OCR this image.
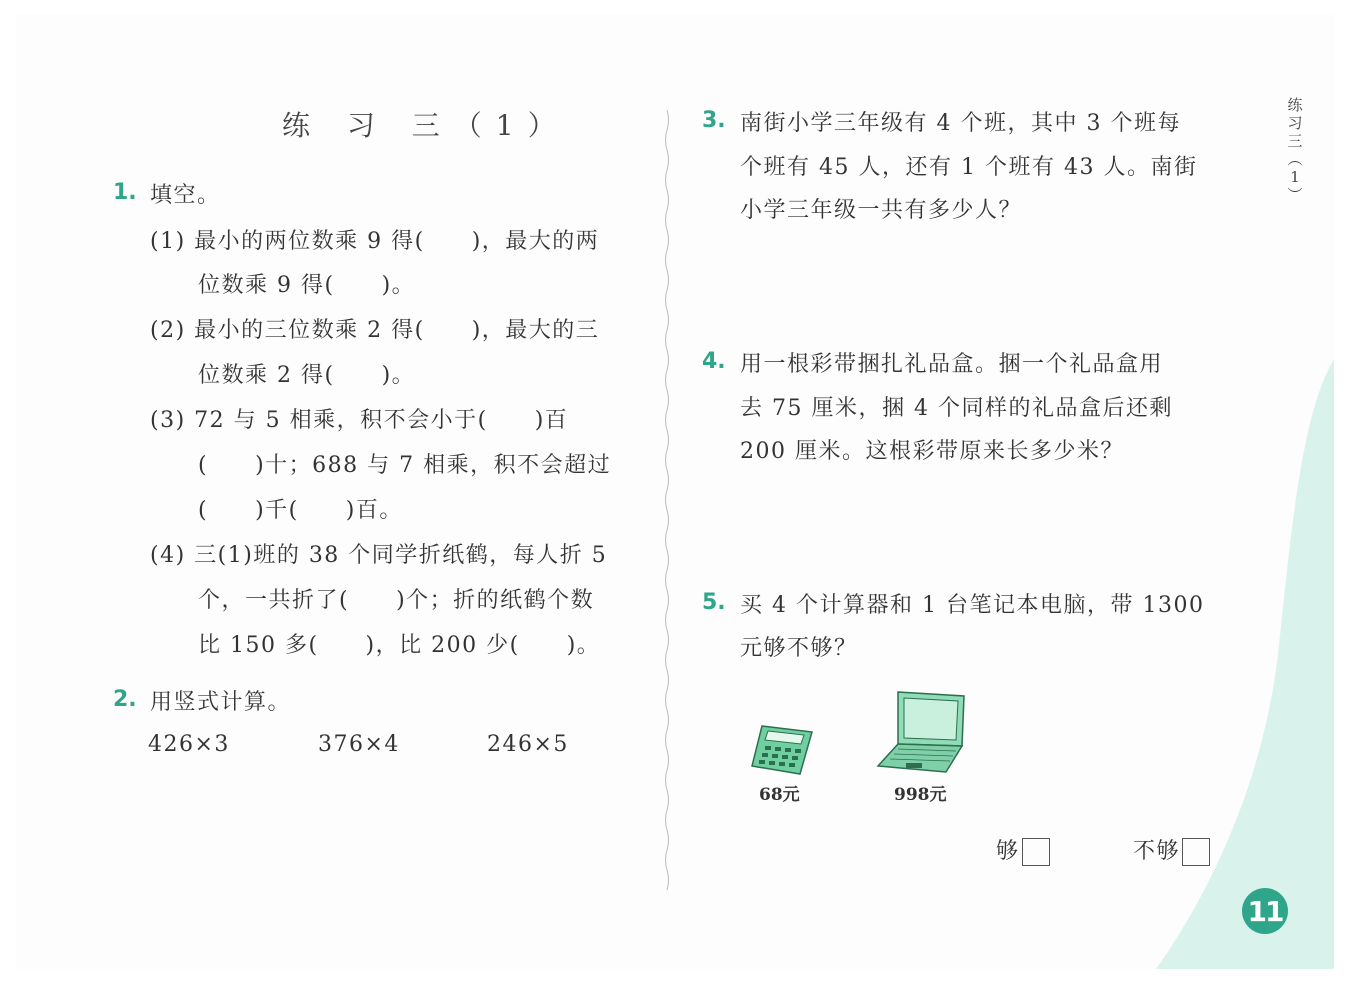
练 习 三（1）
1. 填空。
(1) 最小的两位数乘 9 得(　　)，最大的两
位数乘 9 得(　　)。
(2) 最小的三位数乘 2 得(　　)，最大的三
位数乘 2 得(　　)。
(3) 72 与 5 相乘，积不会小于(　　)百
(　　)十；688 与 7 相乘，积不会超过
(　　)千(　　)百。
(4) 三(1)班的 38 个同学折纸鹤，每人折 5
个，一共折了(　　)个；折的纸鹤个数
比 150 多(　　)，比 200 少(　　)。
2. 用竖式计算。
426×3	376×4	246×5
3. 南街小学三年级有 4 个班，其中 3 个班每
个班有 45 人，还有 1 个班有 43 人。南街
小学三年级一共有多少人？
4. 用一根彩带捆扎礼品盒。捆一个礼品盒用
去 75 厘米，捆 4 个同样的礼品盒后还剩
200 厘米。这根彩带原来长多少米？
5. 买 4 个计算器和 1 台笔记本电脑，带 1300
元够不够？
68元	998元
够	不够
练
习
三
︵
1
︶
11
